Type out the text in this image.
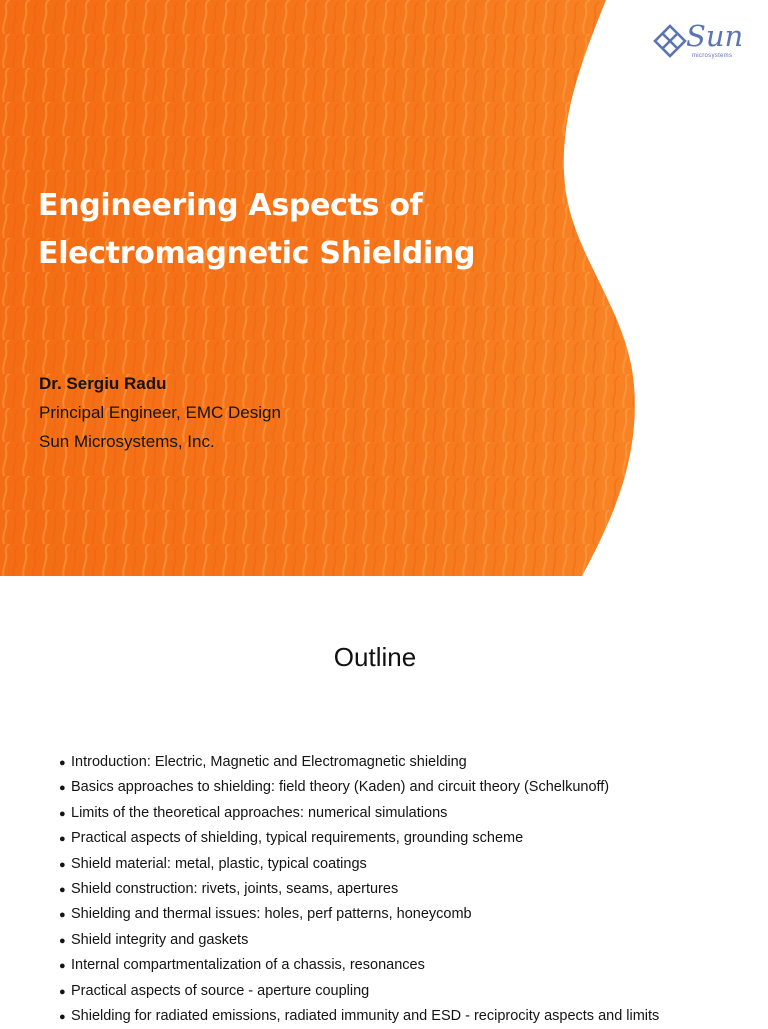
Sun
microsystems
Engineering Aspects of
Electromagnetic Shielding
Dr. Sergiu Radu
Principal Engineer, EMC Design
Sun Microsystems, Inc.
Outline
● Introduction: Electric, Magnetic and Electromagnetic shielding
● Basics approaches to shielding: field theory (Kaden) and circuit theory (Schelkunoff)
● Limits of the theoretical approaches: numerical simulations
● Practical aspects of shielding, typical requirements, grounding scheme
● Shield material: metal, plastic, typical coatings
● Shield construction: rivets, joints, seams, apertures
● Shielding and thermal issues: holes, perf patterns, honeycomb
● Shield integrity and gaskets
● Internal compartmentalization of a chassis, resonances
● Practical aspects of source - aperture coupling
● Shielding for radiated emissions, radiated immunity and ESD - reciprocity aspects and limits
